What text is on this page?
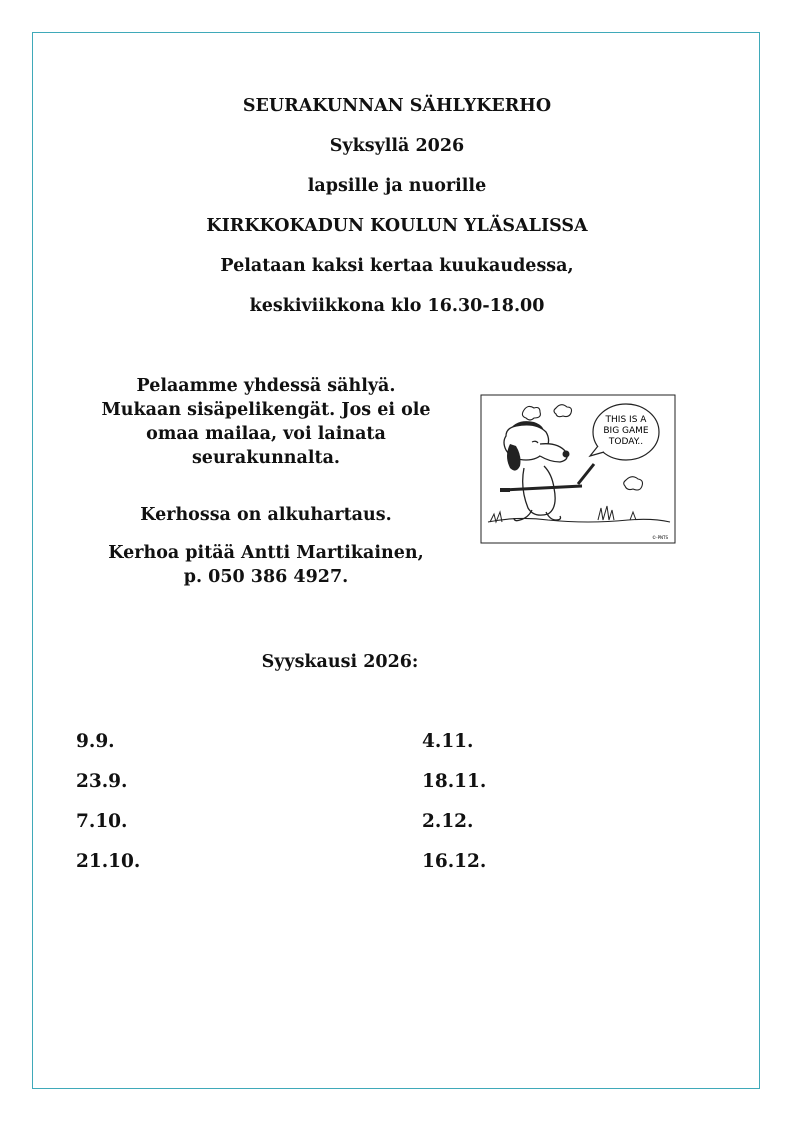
SEURAKUNNAN SÄHLYKERHO
Syksyllä 2026
lapsille ja nuorille
KIRKKOKADUN KOULUN YLÄSALISSA
Pelataan kaksi kertaa kuukaudessa,
keskiviikkona klo 16.30-18.00
Pelaamme yhdessä sählyä.
Mukaan sisäpelikengät. Jos ei ole
omaa mailaa, voi lainata
seurakunnalta.
Kerhossa on alkuhartaus.
Kerhoa pitää Antti Martikainen,
p. 050 386 4927.
THIS IS A
BIG GAME
TODAY..
©-PNTS
Syyskausi 2026:
9.9.
23.9.
7.10.
21.10.
4.11.
18.11.
2.12.
16.12.
